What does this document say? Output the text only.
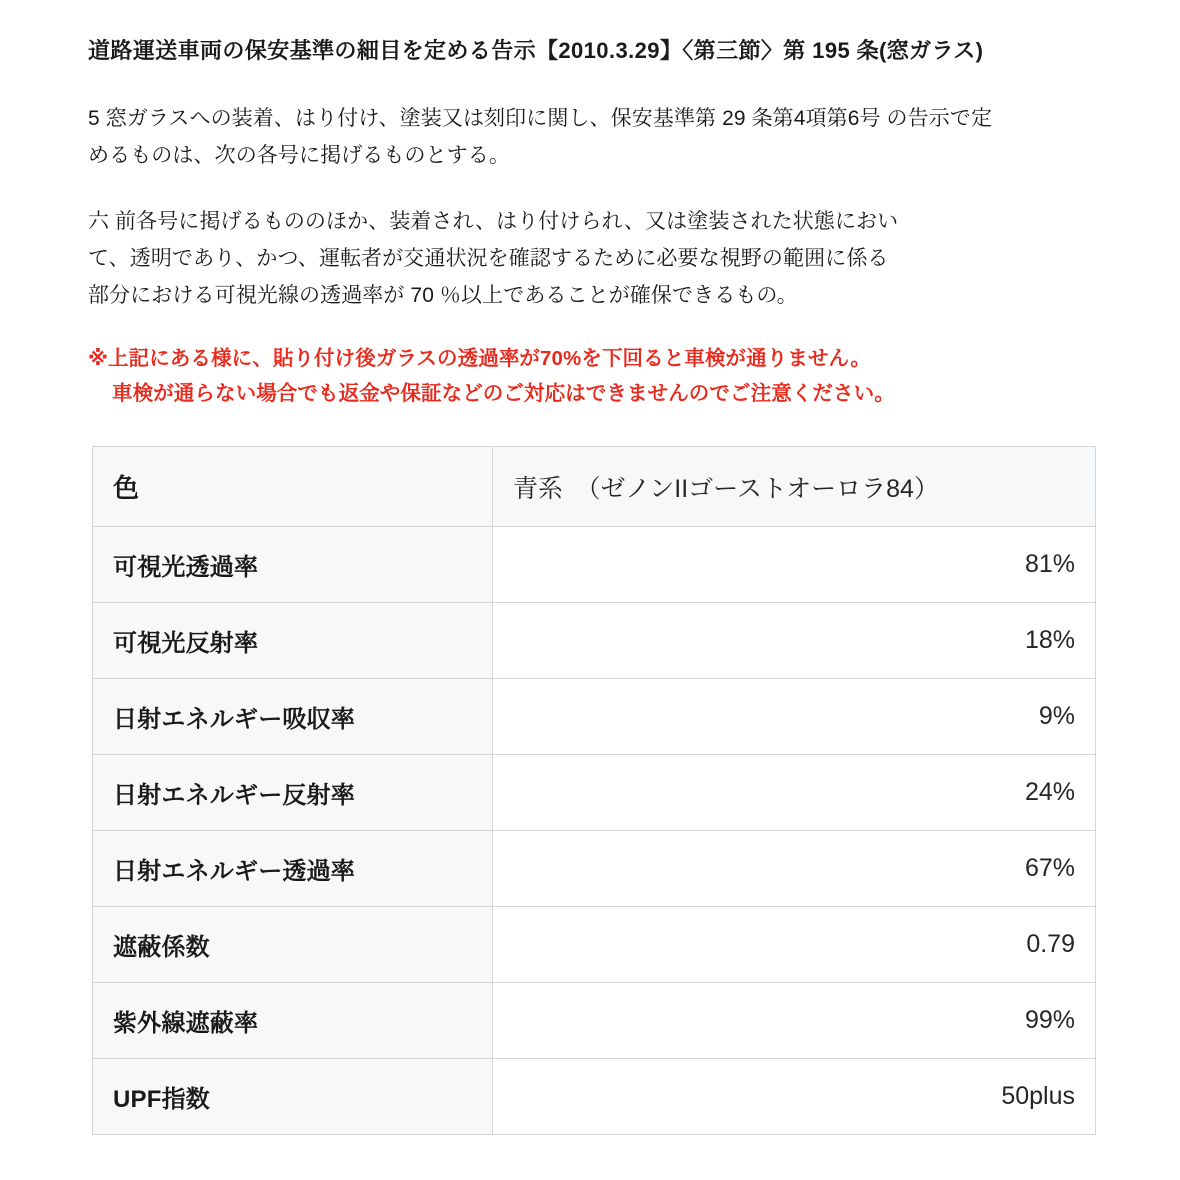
道路運送車両の保安基準の細目を定める告示【2010.3.29】〈第三節〉第 195 条(窓ガラス)

5 窓ガラスへの装着、はり付け、塗装又は刻印に関し、保安基準第 29 条第4項第6号 の告示で定
めるものは、次の各号に掲げるものとする。

六 前各号に掲げるもののほか、装着され、はり付けられ、又は塗装された状態におい
て、透明であり、かつ、運転者が交通状況を確認するために必要な視野の範囲に係る
部分における可視光線の透過率が 70 ％以上であることが確保できるもの。

※上記にある様に、貼り付け後ガラスの透過率が70%を下回ると車検が通りません。
車検が通らない場合でも返金や保証などのご対応はできませんのでご注意ください。

色	青系　（ゼノンIIゴーストオーロラ84）
可視光透過率	81%
可視光反射率	18%
日射エネルギー吸収率	9%
日射エネルギー反射率	24%
日射エネルギー透過率	67%
遮蔽係数	0.79
紫外線遮蔽率	99%
UPF指数	50plus
